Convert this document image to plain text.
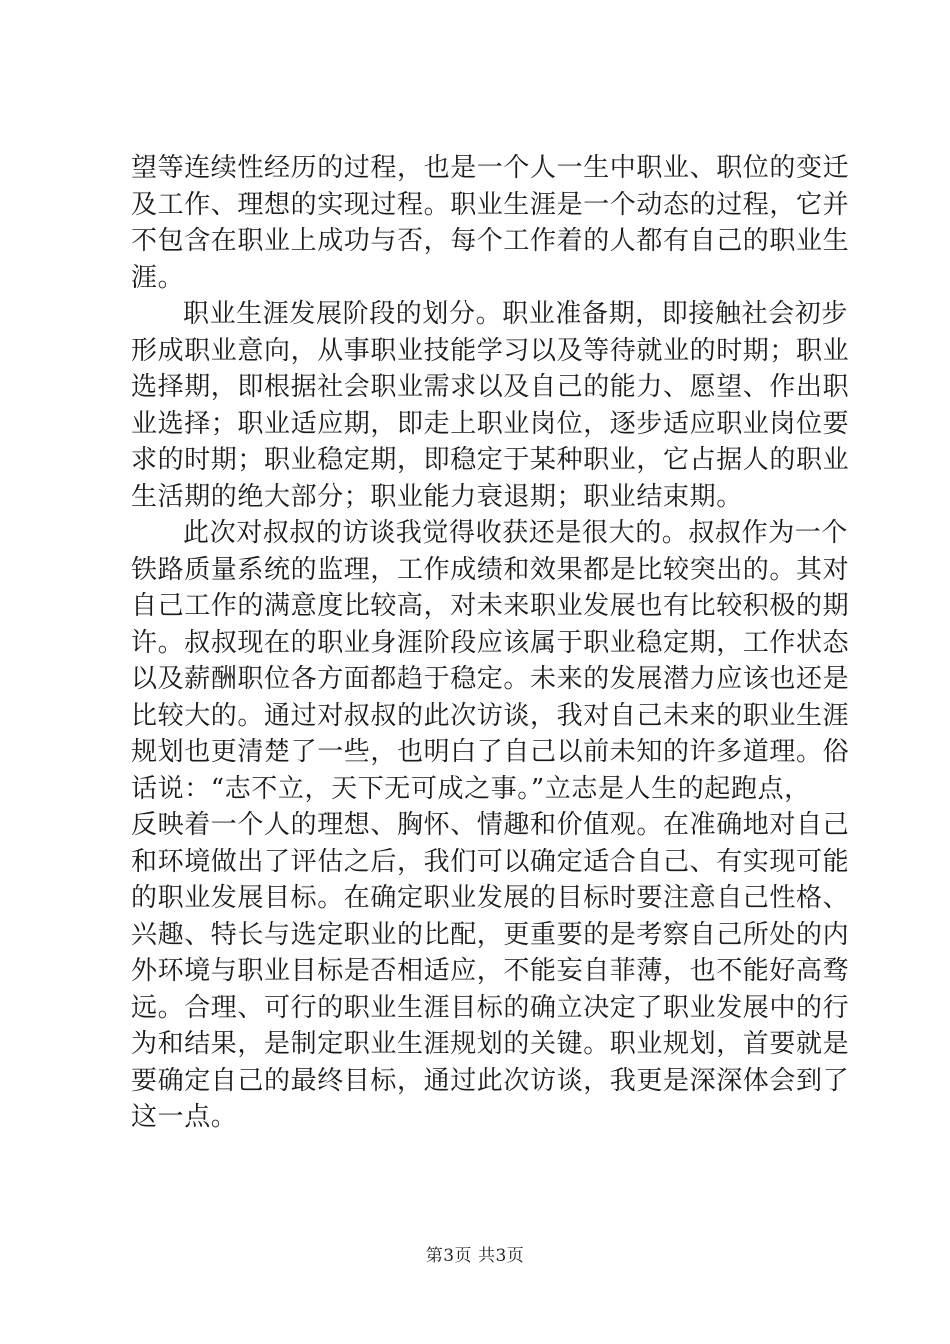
望等连续性经历的过程，也是一个人一生中职业、职位的变迁
及工作、理想的实现过程。职业生涯是一个动态的过程，它并
不包含在职业上成功与否，每个工作着的人都有自己的职业生
涯。
职业生涯发展阶段的划分。职业准备期，即接触社会初步
形成职业意向，从事职业技能学习以及等待就业的时期；职业
选择期，即根据社会职业需求以及自己的能力、愿望、作出职
业选择；职业适应期，即走上职业岗位，逐步适应职业岗位要
求的时期；职业稳定期，即稳定于某种职业，它占据人的职业
生活期的绝大部分；职业能力衰退期；职业结束期。
此次对叔叔的访谈我觉得收获还是很大的。叔叔作为一个
铁路质量系统的监理，工作成绩和效果都是比较突出的。其对
自己工作的满意度比较高，对未来职业发展也有比较积极的期
许。叔叔现在的职业身涯阶段应该属于职业稳定期，工作状态
以及薪酬职位各方面都趋于稳定。未来的发展潜力应该也还是
比较大的。通过对叔叔的此次访谈，我对自己未来的职业生涯
规划也更清楚了一些，也明白了自己以前未知的许多道理。俗
话说：“志不立，天下无可成之事。”立志是人生的起跑点，
反映着一个人的理想、胸怀、情趣和价值观。在准确地对自己
和环境做出了评估之后，我们可以确定适合自己、有实现可能
的职业发展目标。在确定职业发展的目标时要注意自己性格、
兴趣、特长与选定职业的比配，更重要的是考察自己所处的内
外环境与职业目标是否相适应，不能妄自菲薄，也不能好高骛
远。合理、可行的职业生涯目标的确立决定了职业发展中的行
为和结果，是制定职业生涯规划的关键。职业规划，首要就是
要确定自己的最终目标，通过此次访谈，我更是深深体会到了
这一点。
第3页 共3页
